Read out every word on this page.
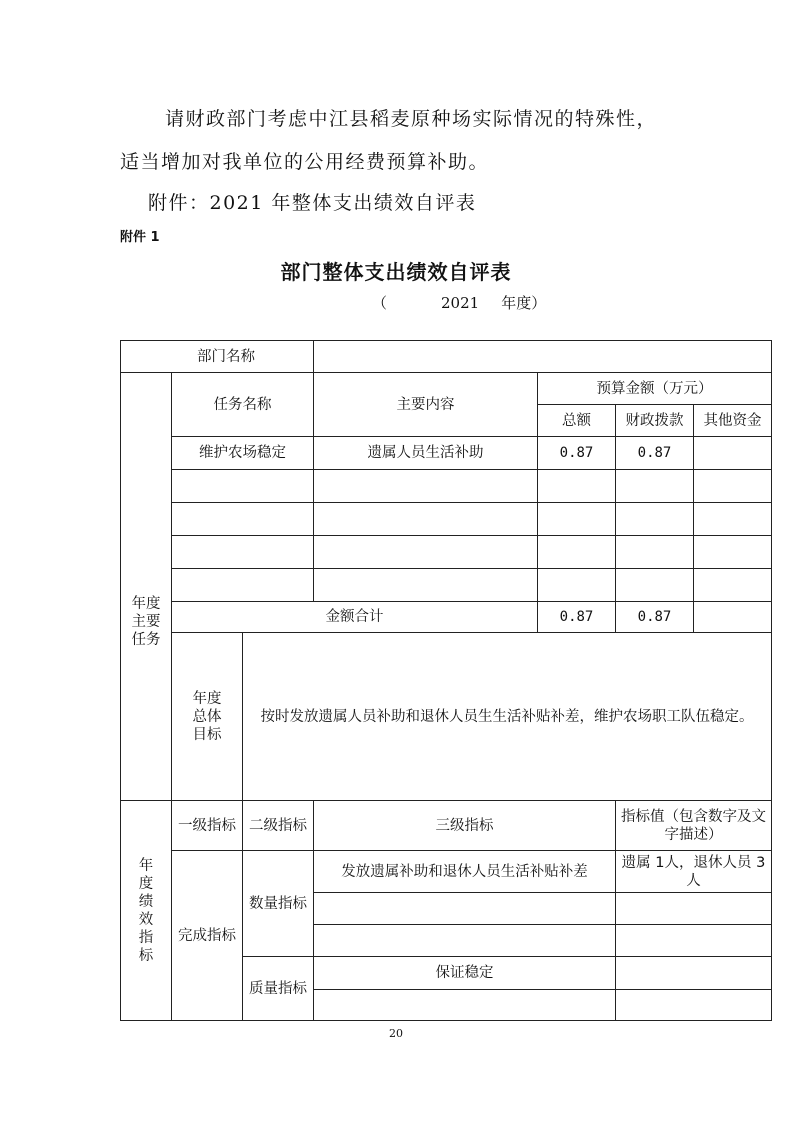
请财政部门考虑中江县稻麦原种场实际情况的特殊性，
适当增加对我单位的公用经费预算补助。
附件：2021 年整体支出绩效自评表
附件 1
部门整体支出绩效自评表
（	2021 年度）
部门名称						

年度主要任务	任务名称		主要内容	预算金额（万元）		
				总额	财政拨款	其他资金
	维护农场稳定		遗属人员生活补助	0.87	0.87	

	金额合计			0.87	0.87	

	年度总体目标	按时发放遗属人员补助和退休人员生生活补贴补差，维护农场职工队伍稳定。				

年度绩效指标	一级指标	二级指标	三级指标		指标值（包含数字及文字描述）	
	完成指标	数量指标	发放遗属补助和退休人员生活补贴补差		遗属 1人，退休人员 3人	

		质量指标	保证稳定			

20
